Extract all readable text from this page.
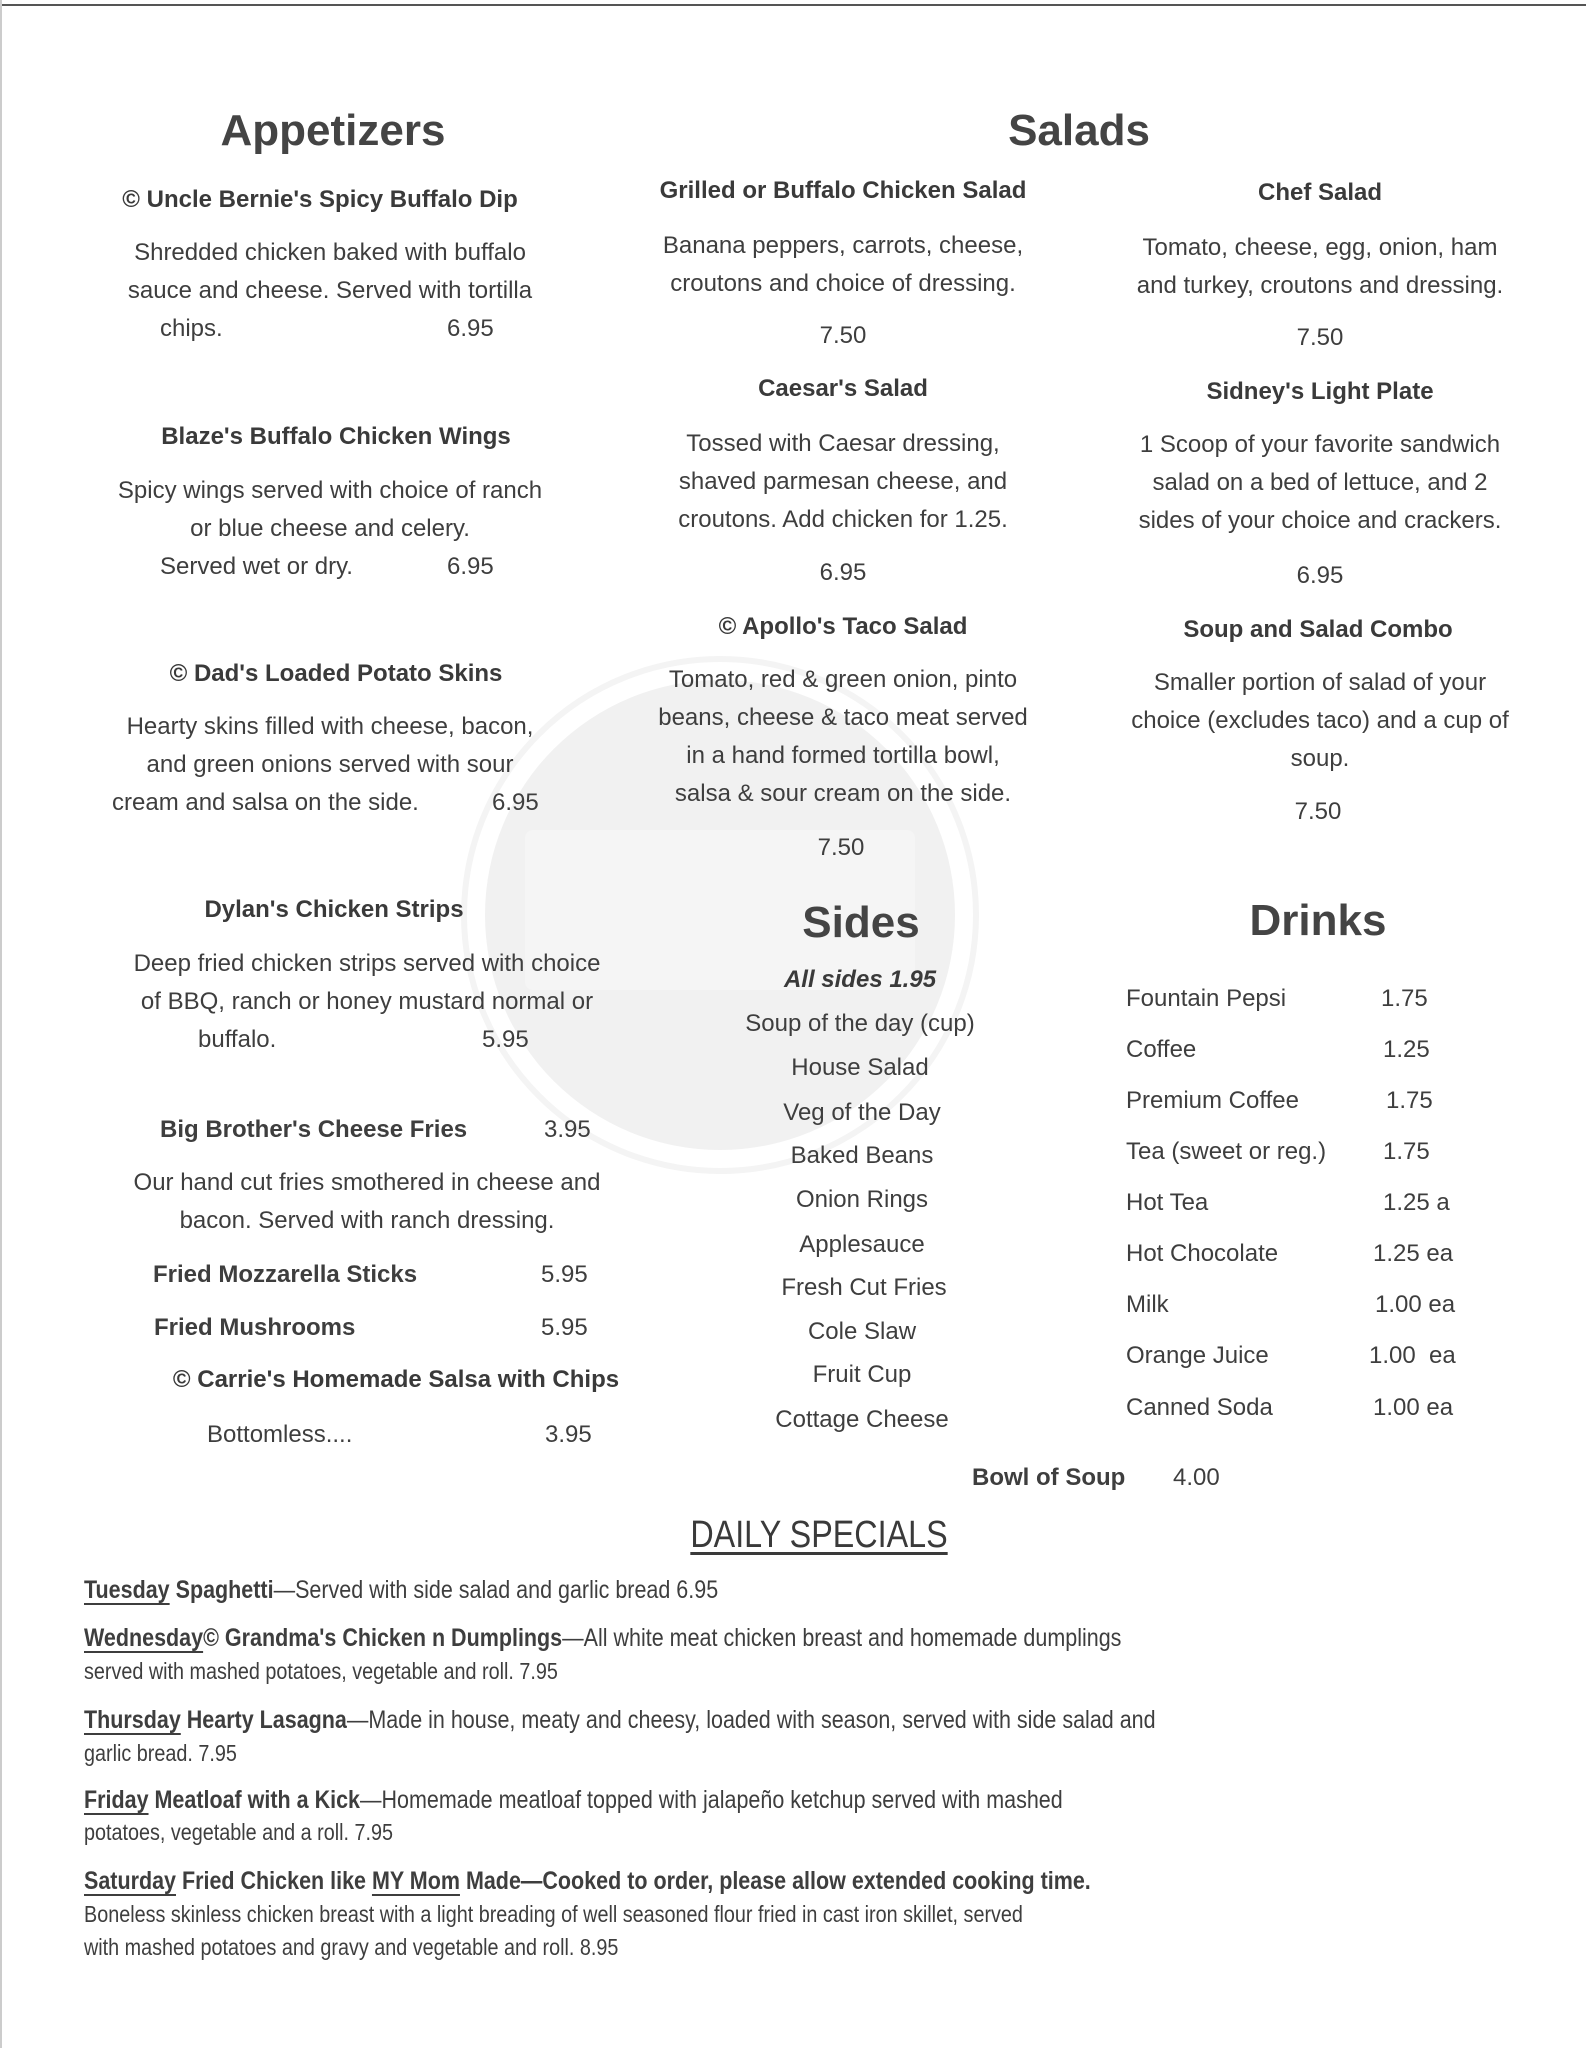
Appetizers
© Uncle Bernie's Spicy Buffalo Dip
Shredded chicken baked with buffalo
sauce and cheese. Served with tortilla
chips.	6.95
Blaze's Buffalo Chicken Wings
Spicy wings served with choice of ranch
or blue cheese and celery.
Served wet or dry.	6.95
© Dad's Loaded Potato Skins
Hearty skins filled with cheese, bacon,
and green onions served with sour
cream and salsa on the side.	6.95
Dylan's Chicken Strips
Deep fried chicken strips served with choice
of BBQ, ranch or honey mustard normal or
buffalo.	5.95
Big Brother's Cheese Fries	3.95
Our hand cut fries smothered in cheese and
bacon. Served with ranch dressing.
Fried Mozzarella Sticks	5.95
Fried Mushrooms	5.95
© Carrie's Homemade Salsa with Chips
Bottomless....	3.95
Salads
Grilled or Buffalo Chicken Salad
Banana peppers, carrots, cheese,
croutons and choice of dressing.
7.50
Caesar's Salad
Tossed with Caesar dressing,
shaved parmesan cheese, and
croutons. Add chicken for 1.25.
6.95
© Apollo's Taco Salad
Tomato, red & green onion, pinto
beans, cheese & taco meat served
in a hand formed tortilla bowl,
salsa & sour cream on the side.
7.50
Chef Salad
Tomato, cheese, egg, onion, ham
and turkey, croutons and dressing.
7.50
Sidney's Light Plate
1 Scoop of your favorite sandwich
salad on a bed of lettuce, and 2
sides of your choice and crackers.
6.95
Soup and Salad Combo
Smaller portion of salad of your
choice (excludes taco) and a cup of
soup.
7.50
Sides
All sides 1.95
Soup of the day (cup)
House Salad
Veg of the Day
Baked Beans
Onion Rings
Applesauce
Fresh Cut Fries
Cole Slaw
Fruit Cup
Cottage Cheese
Drinks
Fountain Pepsi	1.75
Coffee	1.25
Premium Coffee	1.75
Tea (sweet or reg.) 1.75
Hot Tea	1.25 a
Hot Chocolate	1.25 ea
Milk	1.00 ea
Orange Juice	1.00  ea
Canned Soda	1.00 ea
Bowl of Soup 4.00
DAILY SPECIALS
Tuesday Spaghetti—Served with side salad and garlic bread 6.95
Wednesday© Grandma's Chicken n Dumplings—All white meat chicken breast and homemade dumplings
served with mashed potatoes, vegetable and roll. 7.95
Thursday Hearty Lasagna—Made in house, meaty and cheesy, loaded with season, served with side salad and
garlic bread. 7.95
Friday Meatloaf with a Kick—Homemade meatloaf topped with jalapeño ketchup served with mashed
potatoes, vegetable and a roll. 7.95
Saturday Fried Chicken like MY Mom Made—Cooked to order, please allow extended cooking time.
Boneless skinless chicken breast with a light breading of well seasoned flour fried in cast iron skillet, served
with mashed potatoes and gravy and vegetable and roll. 8.95
